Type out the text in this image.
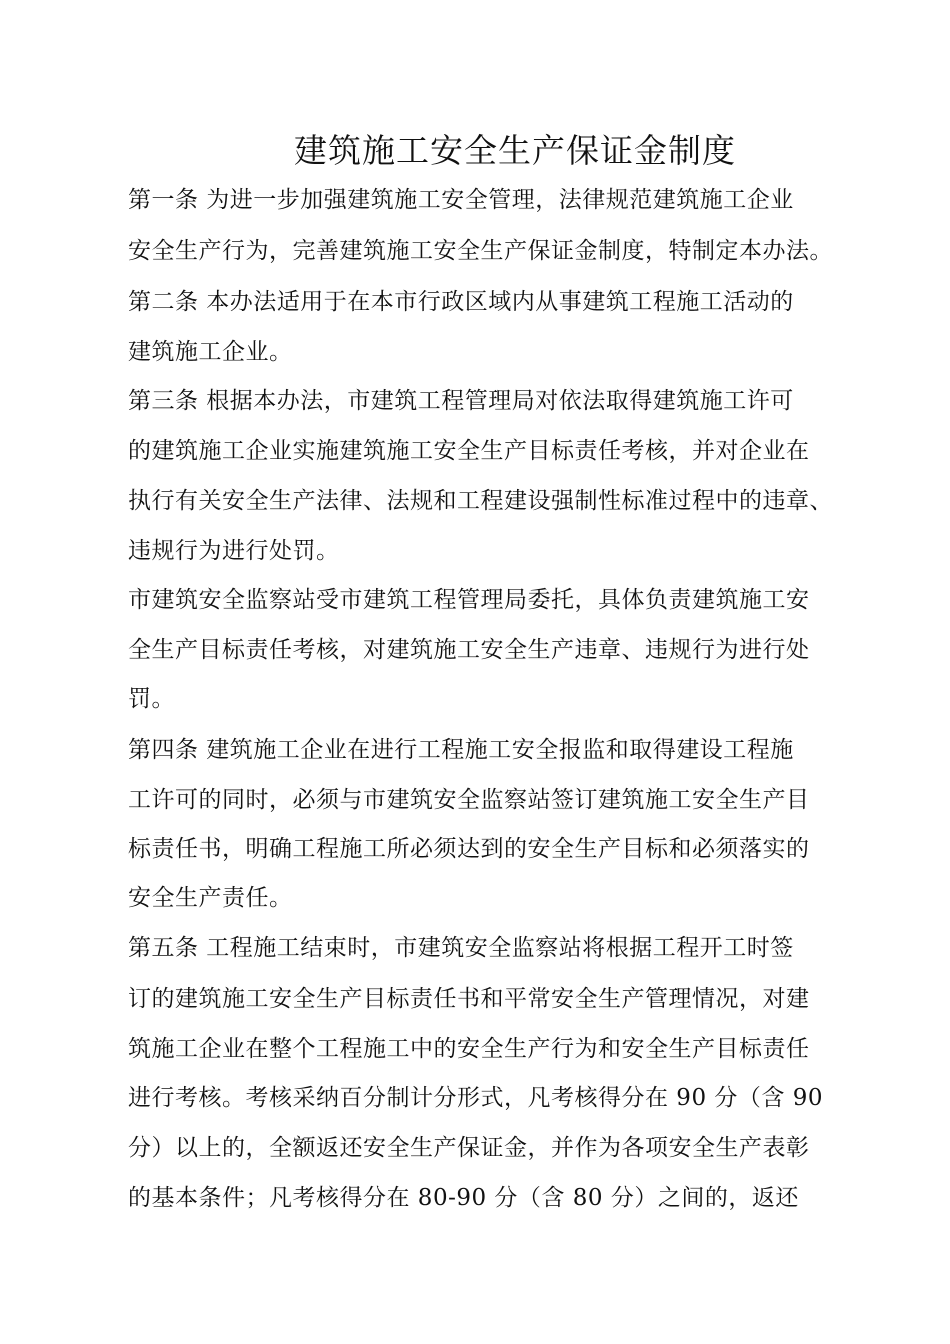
建筑施工安全生产保证金制度
第一条 为进一步加强建筑施工安全管理，法律规范建筑施工企业
安全生产行为，完善建筑施工安全生产保证金制度，特制定本办法。
第二条 本办法适用于在本市行政区域内从事建筑工程施工活动的
建筑施工企业。
第三条 根据本办法，市建筑工程管理局对依法取得建筑施工许可
的建筑施工企业实施建筑施工安全生产目标责任考核，并对企业在
执行有关安全生产法律、法规和工程建设强制性标准过程中的违章、
违规行为进行处罚。
市建筑安全监察站受市建筑工程管理局委托，具体负责建筑施工安
全生产目标责任考核，对建筑施工安全生产违章、违规行为进行处
罚。
第四条 建筑施工企业在进行工程施工安全报监和取得建设工程施
工许可的同时，必须与市建筑安全监察站签订建筑施工安全生产目
标责任书，明确工程施工所必须达到的安全生产目标和必须落实的
安全生产责任。
第五条 工程施工结束时，市建筑安全监察站将根据工程开工时签
订的建筑施工安全生产目标责任书和平常安全生产管理情况，对建
筑施工企业在整个工程施工中的安全生产行为和安全生产目标责任
进行考核。考核采纳百分制计分形式，凡考核得分在 90 分（含 90
分）以上的，全额返还安全生产保证金，并作为各项安全生产表彰
的基本条件；凡考核得分在 80-90 分（含 80 分）之间的，返还
